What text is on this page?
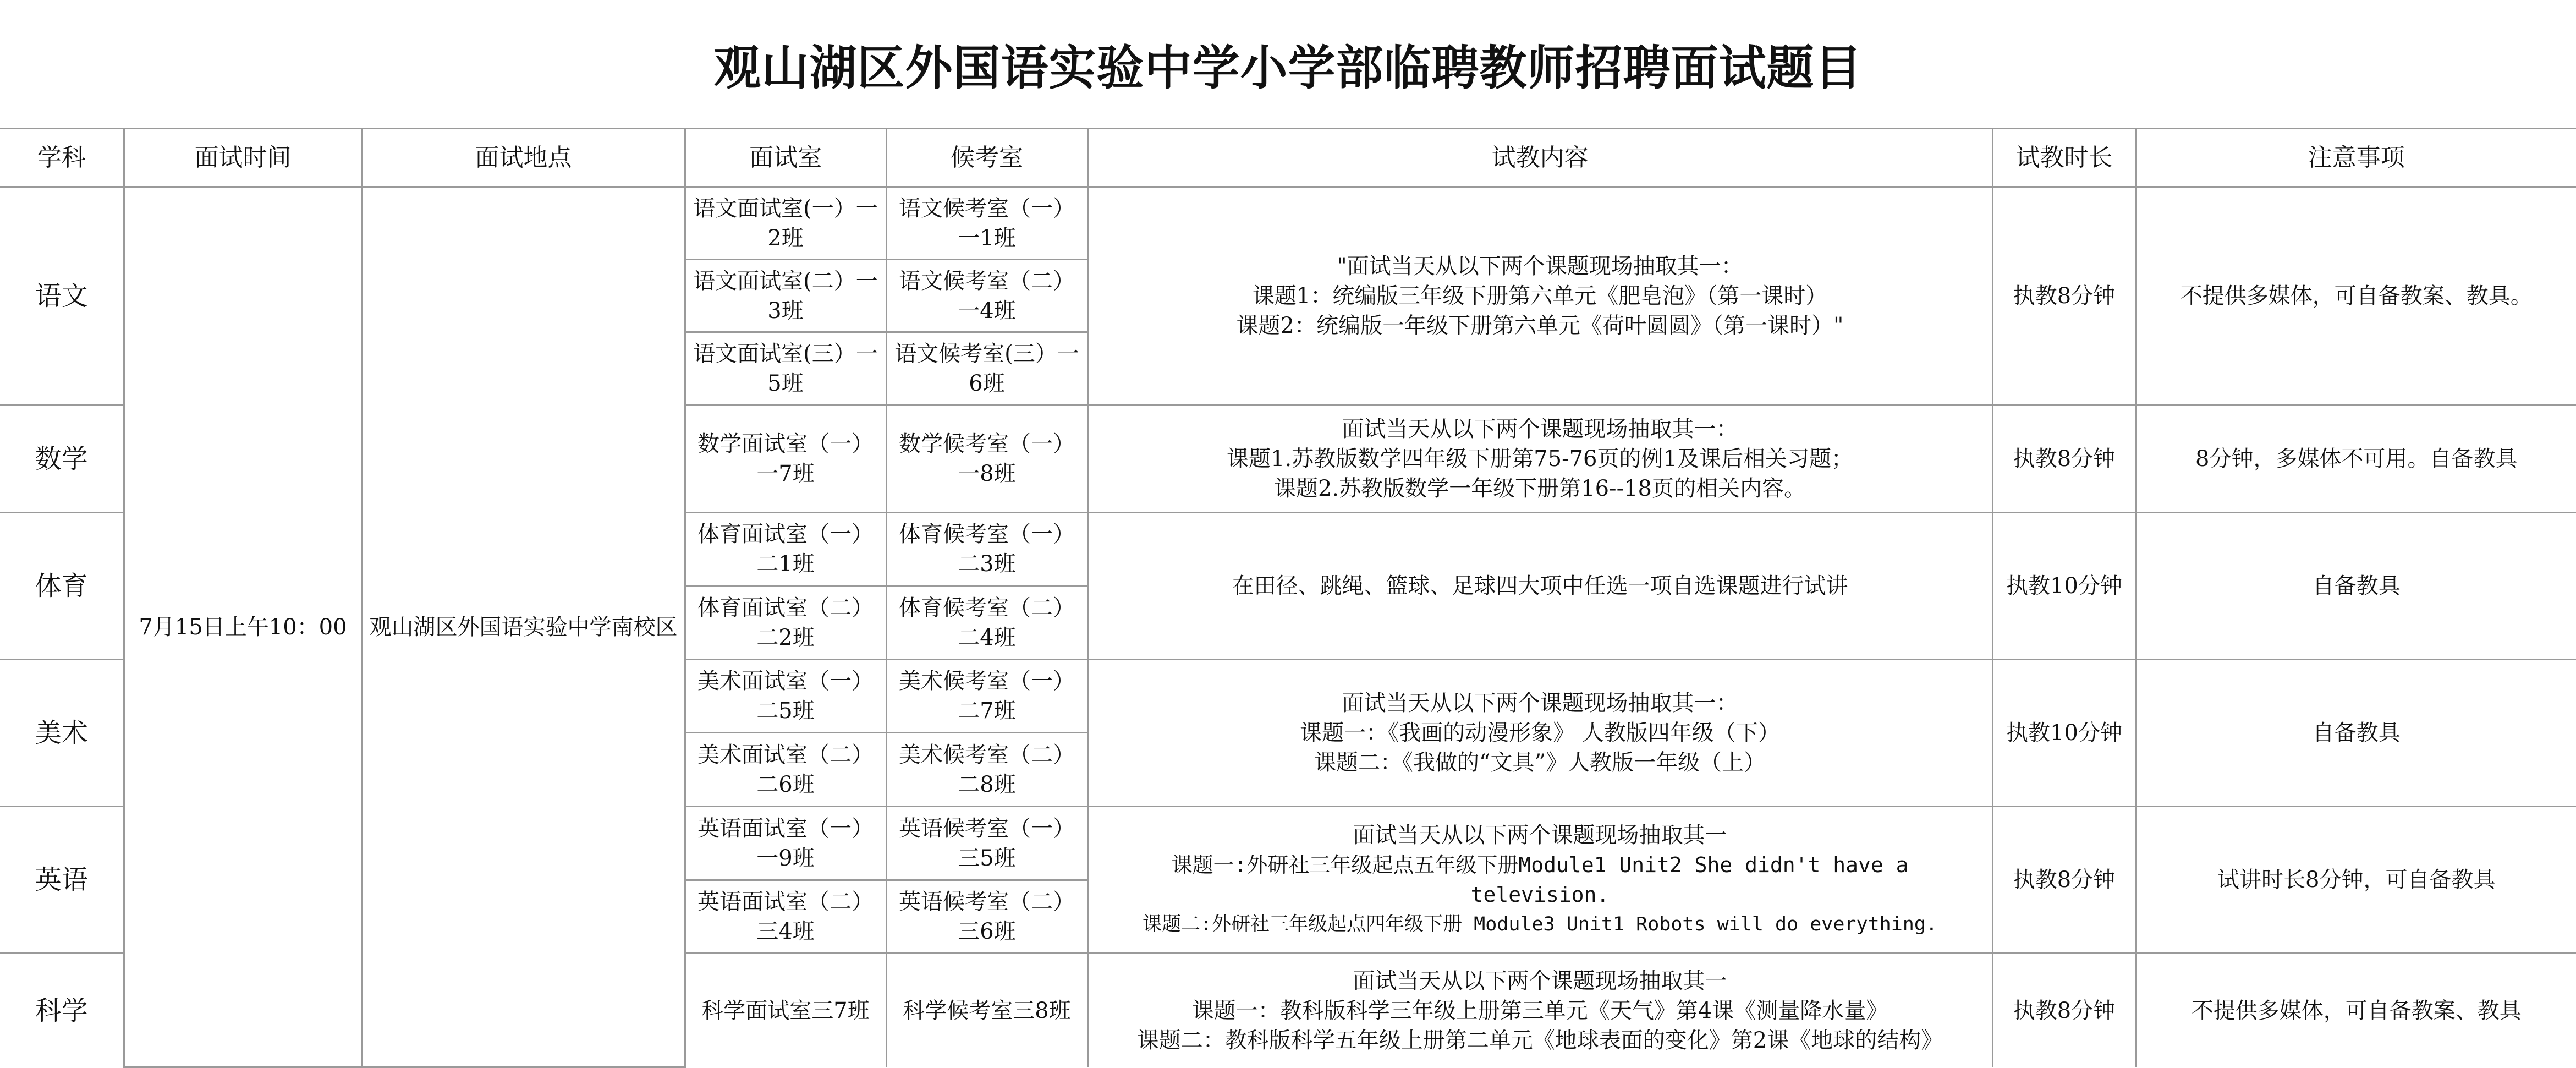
观山湖区外国语实验中学小学部临聘教师招聘面试题目
学科	面试时间	面试地点	面试室	候考室	试教内容	试教时长	注意事项
语文	7月15日上午10：00	观山湖区外国语实验中学南校区	语文面试室(一）一2班	语文候考室（一）一1班	"面试当天从以下两个课题现场抽取其一：
课题1：统编版三年级下册第六单元《肥皂泡》（第一课时）
课题2：统编版一年级下册第六单元《荷叶圆圆》（第一课时）"	执教8分钟	不提供多媒体，可自备教案、教具。
			语文面试室(二）一3班	语文候考室（二）一4班			
			语文面试室(三）一5班	语文候考室(三）一6班			
数学			数学面试室（一）一7班	数学候考室（一）一8班	面试当天从以下两个课题现场抽取其一：
课题1.苏教版数学四年级下册第75-76页的例1及课后相关习题；
课题2.苏教版数学一年级下册第16--18页的相关内容。	执教8分钟	8分钟，多媒体不可用。自备教具
体育			体育面试室（一）二1班	体育候考室（一）二3班	在田径、跳绳、篮球、足球四大项中任选一项自选课题进行试讲	执教10分钟	自备教具
			体育面试室（二）二2班	体育候考室（二）二4班			
美术			美术面试室（一）二5班	美术候考室（一）二7班	面试当天从以下两个课题现场抽取其一：
课题一：《我画的动漫形象》 人教版四年级（下）
课题二：《我做的“文具”》人教版一年级（上）	执教10分钟	自备教具
			美术面试室（二）二6班	美术候考室（二）二8班			
英语			英语面试室（一）一9班	英语候考室（一）三5班	面试当天从以下两个课题现场抽取其一
课题一:外研社三年级起点五年级下册Module1 Unit2 She didn't have a
television.
课题二:外研社三年级起点四年级下册 Module3 Unit1 Robots will do everything.	执教8分钟	试讲时长8分钟，可自备教具
			英语面试室（二）三4班	英语候考室（二）三6班			
科学			科学面试室三7班	科学候考室三8班	面试当天从以下两个课题现场抽取其一
课题一：教科版科学三年级上册第三单元《天气》第4课《测量降水量》
课题二：教科版科学五年级上册第二单元《地球表面的变化》第2课《地球的结构》	执教8分钟	不提供多媒体，可自备教案、教具
